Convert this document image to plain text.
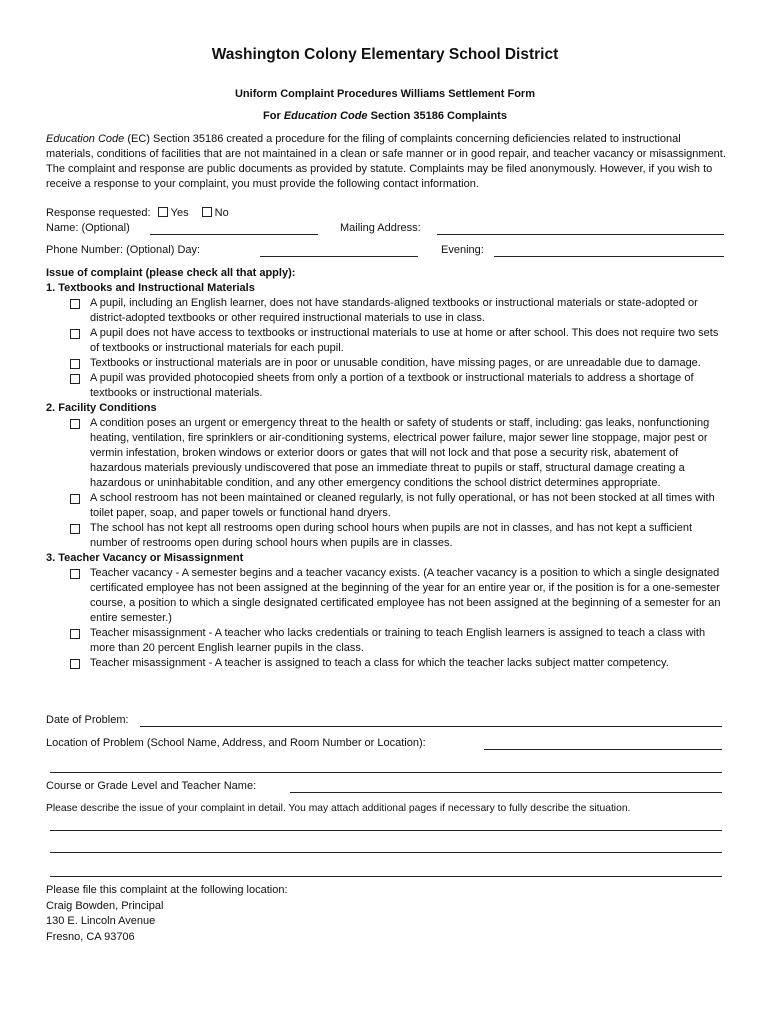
Washington Colony Elementary School District
Uniform Complaint Procedures Williams Settlement Form
For Education Code Section 35186 Complaints
Education Code (EC) Section 35186 created a procedure for the filing of complaints concerning deficiencies related to instructional materials, conditions of facilities that are not maintained in a clean or safe manner or in good repair, and teacher vacancy or misassignment. The complaint and response are public documents as provided by statute. Complaints may be filed anonymously. However, if you wish to receive a response to your complaint, you must provide the following contact information.
Response requested: Yes No
Name: (Optional)	Mailing Address:
Phone Number: (Optional) Day:	Evening:
Issue of complaint (please check all that apply):
1. Textbooks and Instructional Materials
A pupil, including an English learner, does not have standards-aligned textbooks or instructional materials or state-adopted or district-adopted textbooks or other required instructional materials to use in class.
A pupil does not have access to textbooks or instructional materials to use at home or after school. This does not require two sets of textbooks or instructional materials for each pupil.
Textbooks or instructional materials are in poor or unusable condition, have missing pages, or are unreadable due to damage.
A pupil was provided photocopied sheets from only a portion of a textbook or instructional materials to address a shortage of textbooks or instructional materials.
2. Facility Conditions
A condition poses an urgent or emergency threat to the health or safety of students or staff, including: gas leaks, nonfunctioning heating, ventilation, fire sprinklers or air-conditioning systems, electrical power failure, major sewer line stoppage, major pest or vermin infestation, broken windows or exterior doors or gates that will not lock and that pose a security risk, abatement of hazardous materials previously undiscovered that pose an immediate threat to pupils or staff, structural damage creating a hazardous or uninhabitable condition, and any other emergency conditions the school district determines appropriate.
A school restroom has not been maintained or cleaned regularly, is not fully operational, or has not been stocked at all times with toilet paper, soap, and paper towels or functional hand dryers.
The school has not kept all restrooms open during school hours when pupils are not in classes, and has not kept a sufficient number of restrooms open during school hours when pupils are in classes.
3. Teacher Vacancy or Misassignment
Teacher vacancy - A semester begins and a teacher vacancy exists. (A teacher vacancy is a position to which a single designated certificated employee has not been assigned at the beginning of the year for an entire year or, if the position is for a one-semester course, a position to which a single designated certificated employee has not been assigned at the beginning of a semester for an entire semester.)
Teacher misassignment - A teacher who lacks credentials or training to teach English learners is assigned to teach a class with more than 20 percent English learner pupils in the class.
Teacher misassignment - A teacher is assigned to teach a class for which the teacher lacks subject matter competency.
Date of Problem:
Location of Problem (School Name, Address, and Room Number or Location):
Course or Grade Level and Teacher Name:
Please describe the issue of your complaint in detail. You may attach additional pages if necessary to fully describe the situation.
Please file this complaint at the following location:
Craig Bowden, Principal
130 E. Lincoln Avenue
Fresno, CA 93706
